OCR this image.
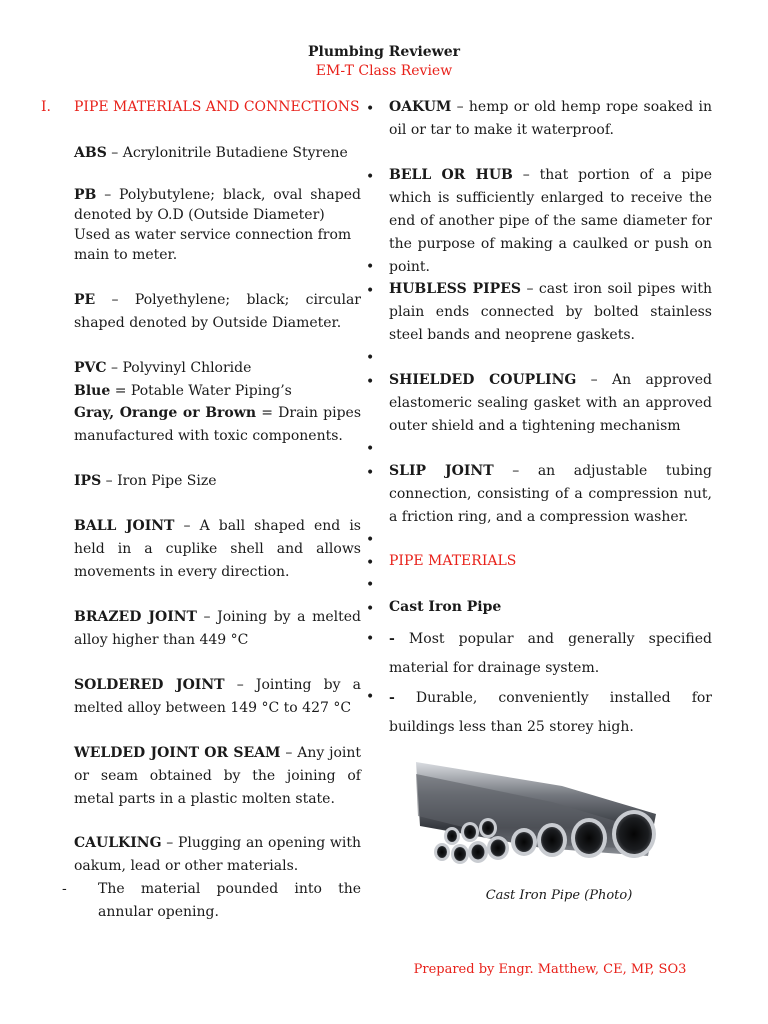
Plumbing Reviewer
EM-T Class Review
I. PIPE MATERIALS AND CONNECTIONS
ABS – Acrylonitrile Butadiene Styrene
PB – Polybutylene; black, oval shaped denoted by O.D (Outside Diameter)
Used as water service connection from main to meter.
PE – Polyethylene; black; circular shaped denoted by Outside Diameter.
PVC – Polyvinyl Chloride
Blue = Potable Water Piping’s
Gray, Orange or Brown = Drain pipes manufactured with toxic components.
IPS – Iron Pipe Size
BALL JOINT – A ball shaped end is held in a cuplike shell and allows movements in every direction.
BRAZED JOINT – Joining by a melted alloy higher than 449 °C
SOLDERED JOINT – Jointing by a melted alloy between 149 °C to 427 °C
WELDED JOINT OR SEAM – Any joint or seam obtained by the joining of metal parts in a plastic molten state.
CAULKING – Plugging an opening with oakum, lead or other materials.
- The material pounded into the annular opening.
•	OAKUM – hemp or old hemp rope soaked in oil or tar to make it waterproof.
•	BELL OR HUB – that portion of a pipe which is sufficiently enlarged to receive the end of another pipe of the same diameter for the purpose of making a caulked or push on point.
•
•	HUBLESS PIPES – cast iron soil pipes with plain ends connected by bolted stainless steel bands and neoprene gaskets.
•
•	SHIELDED COUPLING – An approved elastomeric sealing gasket with an approved outer shield and a tightening mechanism
•
•	SLIP JOINT – an adjustable tubing connection, consisting of a compression nut, a friction ring, and a compression washer.
•
•	PIPE MATERIALS
•
•	Cast Iron Pipe
•	- Most popular and generally specified material for drainage system.
•	- Durable, conveniently installed for buildings less than 25 storey high.
Cast Iron Pipe (Photo)
Prepared by Engr. Matthew, CE, MP, SO3
